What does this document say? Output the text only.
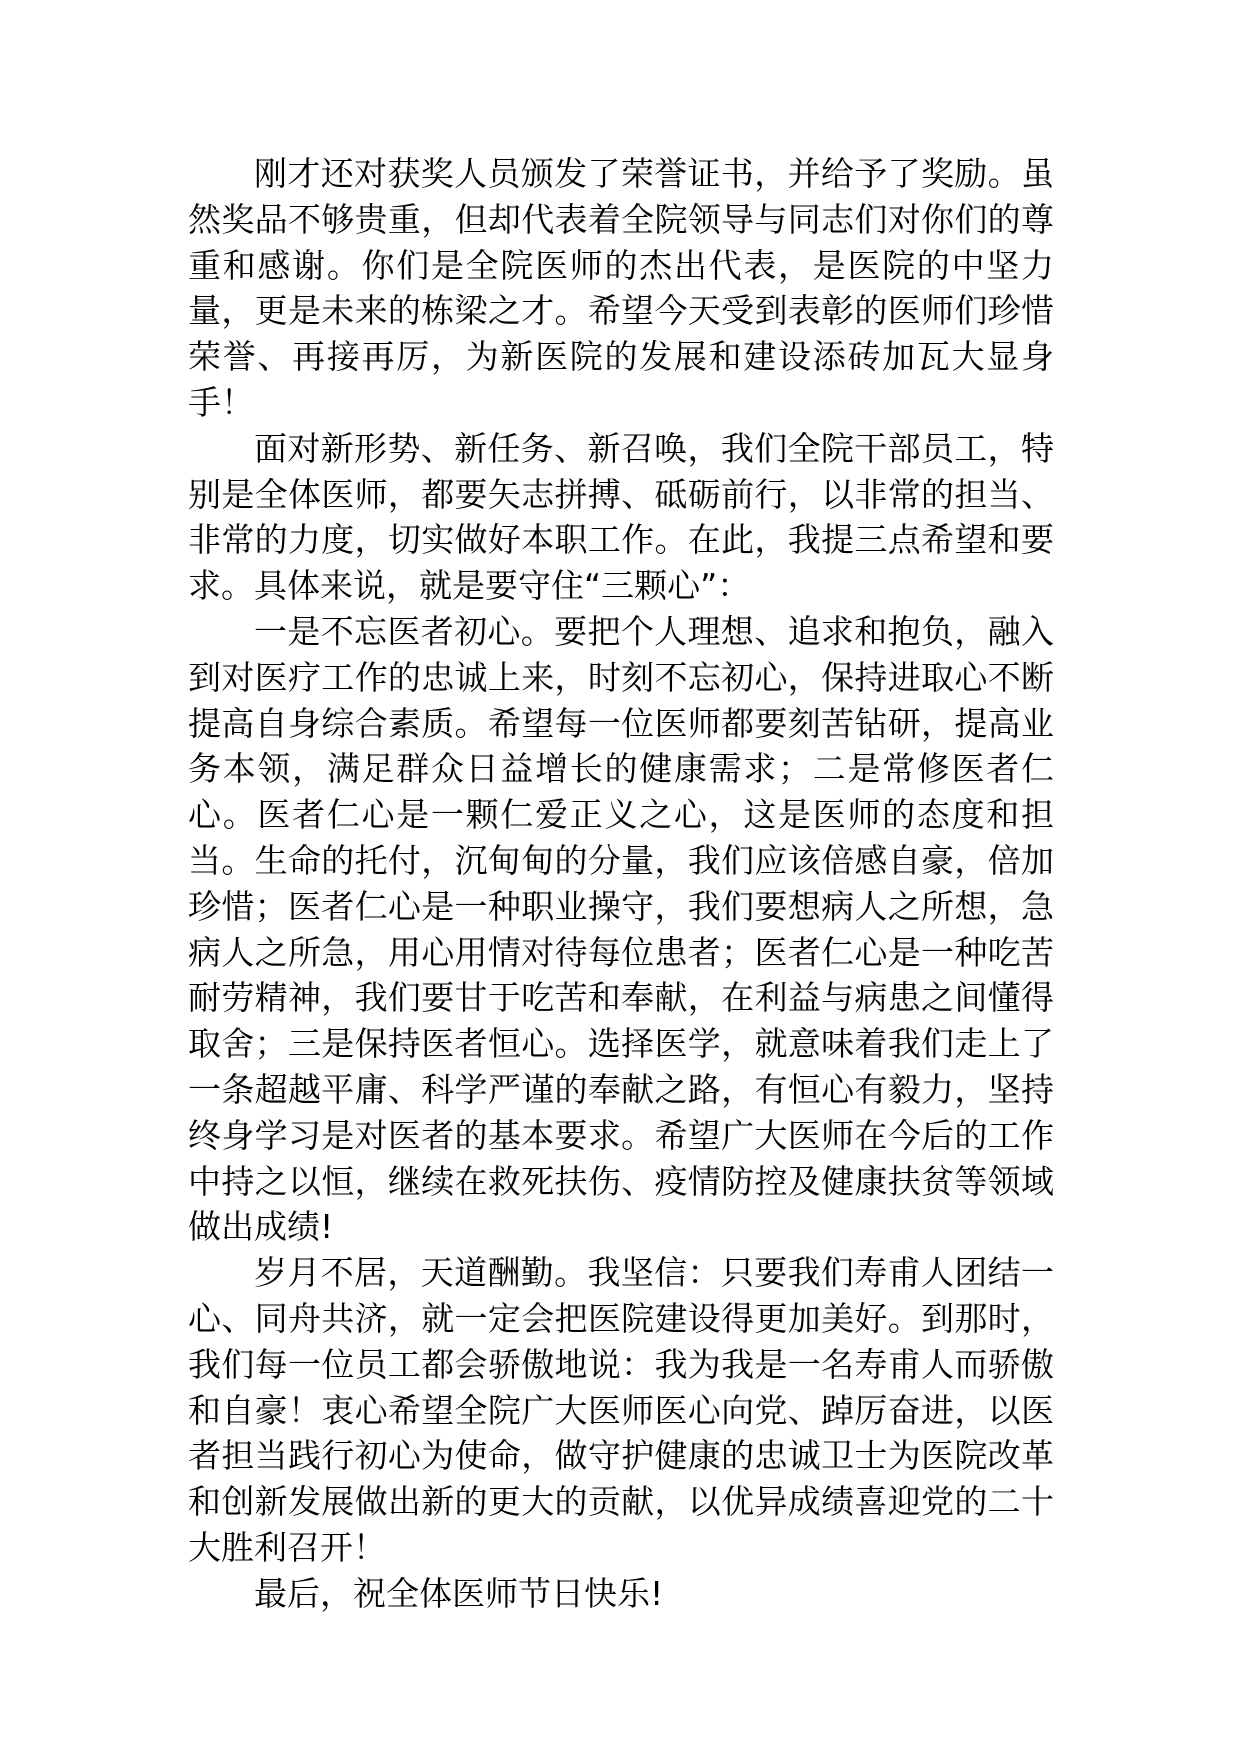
刚才还对获奖人员颁发了荣誉证书，并给予了奖励。虽然奖品不够贵重，但却代表着全院领导与同志们对你们的尊重和感谢。你们是全院医师的杰出代表，是医院的中坚力量，更是未来的栋梁之才。希望今天受到表彰的医师们珍惜荣誉、再接再厉，为新医院的发展和建设添砖加瓦大显身手！

面对新形势、新任务、新召唤，我们全院干部员工，特别是全体医师，都要矢志拼搏、砥砺前行，以非常的担当、非常的力度，切实做好本职工作。在此，我提三点希望和要求。具体来说，就是要守住“三颗心”：

一是不忘医者初心。要把个人理想、追求和抱负，融入到对医疗工作的忠诚上来，时刻不忘初心，保持进取心不断提高自身综合素质。希望每一位医师都要刻苦钻研，提高业务本领，满足群众日益增长的健康需求；二是常修医者仁心。医者仁心是一颗仁爱正义之心，这是医师的态度和担当。生命的托付，沉甸甸的分量，我们应该倍感自豪，倍加珍惜；医者仁心是一种职业操守，我们要想病人之所想，急病人之所急，用心用情对待每位患者；医者仁心是一种吃苦耐劳精神，我们要甘于吃苦和奉献，在利益与病患之间懂得取舍；三是保持医者恒心。选择医学，就意味着我们走上了一条超越平庸、科学严谨的奉献之路，有恒心有毅力，坚持终身学习是对医者的基本要求。希望广大医师在今后的工作中持之以恒，继续在救死扶伤、疫情防控及健康扶贫等领域做出成绩!

岁月不居，天道酬勤。我坚信：只要我们寿甫人团结一心、同舟共济，就一定会把医院建设得更加美好。到那时，我们每一位员工都会骄傲地说：我为我是一名寿甫人而骄傲和自豪！衷心希望全院广大医师医心向党、踔厉奋进，以医者担当践行初心为使命，做守护健康的忠诚卫士为医院改革和创新发展做出新的更大的贡献，以优异成绩喜迎党的二十大胜利召开！

最后，祝全体医师节日快乐!
